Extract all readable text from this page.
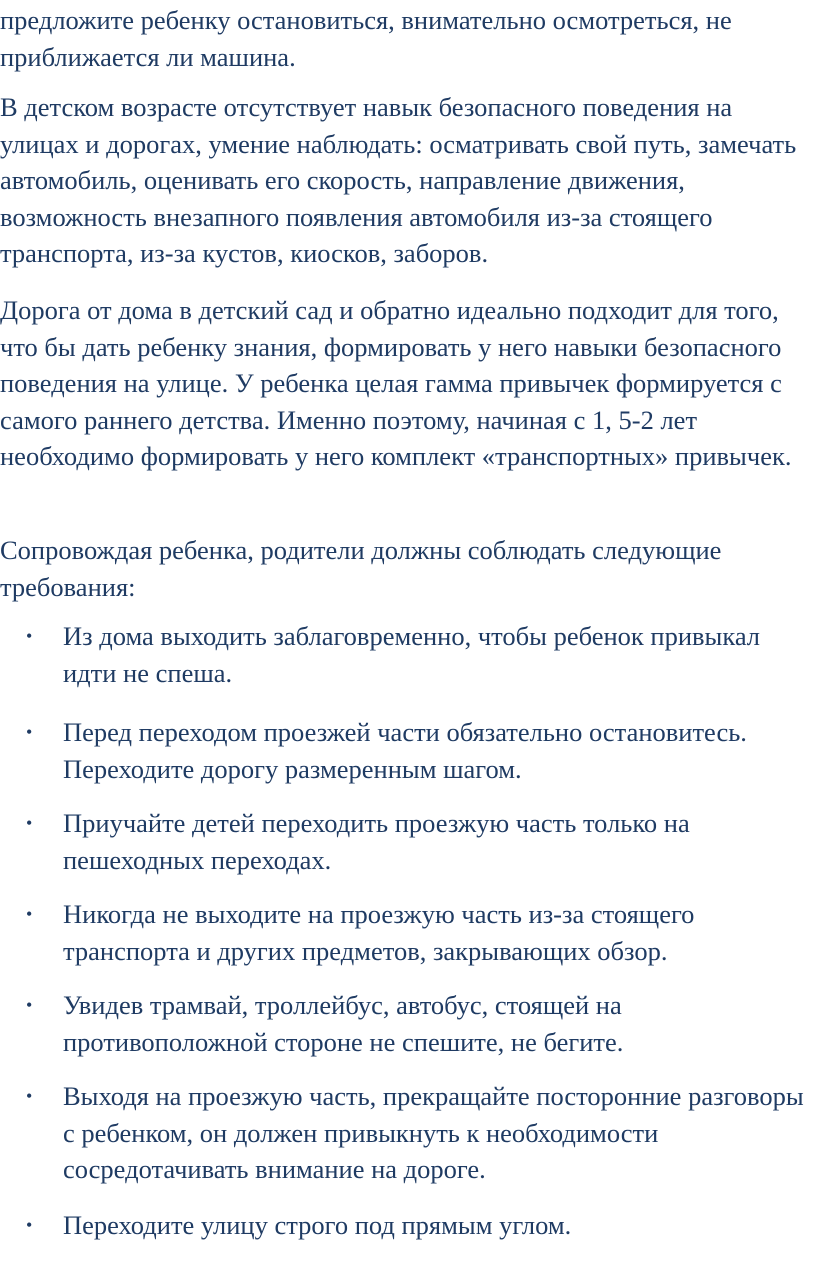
предложите ребенку остановиться, внимательно осмотреться, не приближается ли машина.

В детском возрасте отсутствует навык безопасного поведения на улицах и дорогах, умение наблюдать: осматривать свой путь, замечать автомобиль, оценивать его скорость, направление движения, возможность внезапного появления автомобиля из-за стоящего транспорта, из-за кустов, киосков, заборов.

Дорога от дома в детский сад и обратно идеально подходит для того, что бы дать ребенку знания, формировать у него навыки безопасного поведения на улице. У ребенка целая гамма привычек формируется с самого раннего детства. Именно поэтому, начиная с 1, 5-2 лет необходимо формировать у него комплект «транспортных» привычек.

Сопровождая ребенка, родители должны соблюдать следующие требования:

• Из дома выходить заблаговременно, чтобы ребенок привыкал идти не спеша.
• Перед переходом проезжей части обязательно остановитесь. Переходите дорогу размеренным шагом.
• Приучайте детей переходить проезжую часть только на пешеходных переходах.
• Никогда не выходите на проезжую часть из-за стоящего транспорта и других предметов, закрывающих обзор.
• Увидев трамвай, троллейбус, автобус, стоящей на противоположной стороне не спешите, не бегите.
• Выходя на проезжую часть, прекращайте посторонние разговоры с ребенком, он должен привыкнуть к необходимости сосредотачивать внимание на дороге.
• Переходите улицу строго под прямым углом.
